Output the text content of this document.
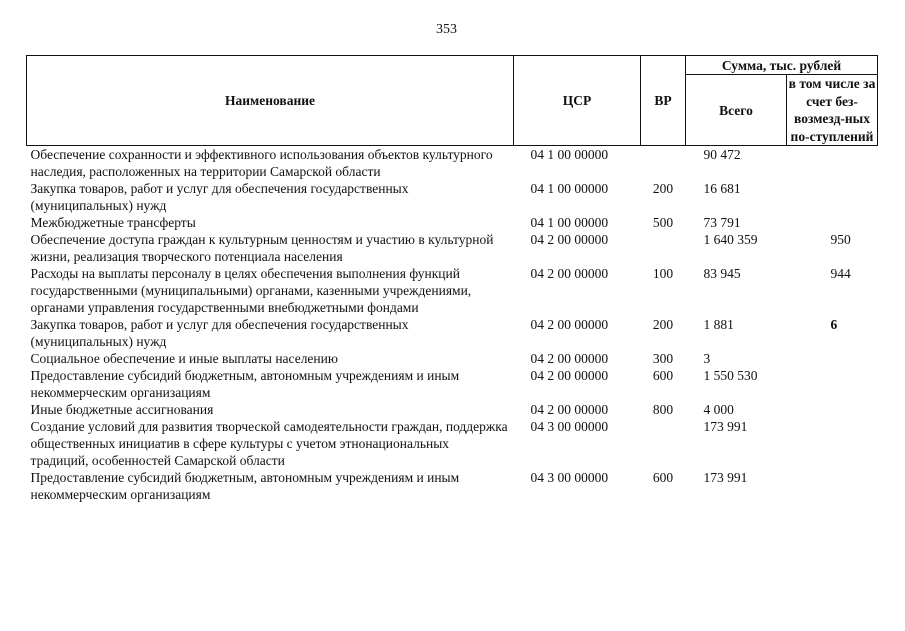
353
Наименование	ЦСР	ВР	Сумма, тыс. рублей	
			Всего	в том числе за счет без-возмезд-ных по-ступлений
Обеспечение сохранности и эффективного использования объектов культурного наследия, расположенных на территории Самарской области	04 1 00 00000		90 472	
Закупка товаров, работ и услуг для обеспечения государственных (муниципальных) нужд	04 1 00 00000	200	16 681	
Межбюджетные трансферты	04 1 00 00000	500	73 791	
Обеспечение доступа граждан к культурным ценностям и участию в культурной жизни, реализация творческого потенциала населения	04 2 00 00000		1 640 359	950
Расходы на выплаты персоналу в целях обеспечения выполнения функций государственными (муниципальными) органами, казенными учреждениями, органами управления государственными внебюджетными фондами	04 2 00 00000	100	83 945	944
Закупка товаров, работ и услуг для обеспечения государственных (муниципальных) нужд	04 2 00 00000	200	1 881	6
Социальное обеспечение и иные выплаты населению	04 2 00 00000	300	3	
Предоставление субсидий бюджетным, автономным учреждениям и иным некоммерческим организациям	04 2 00 00000	600	1 550 530	
Иные бюджетные ассигнования	04 2 00 00000	800	4 000	
Создание условий для развития творческой самодеятельности граждан, поддержка общественных инициатив в сфере культуры с учетом этнонациональных традиций, особенностей Самарской области	04 3 00 00000		173 991	
Предоставление субсидий бюджетным, автономным учреждениям и иным некоммерческим организациям	04 3 00 00000	600	173 991	
